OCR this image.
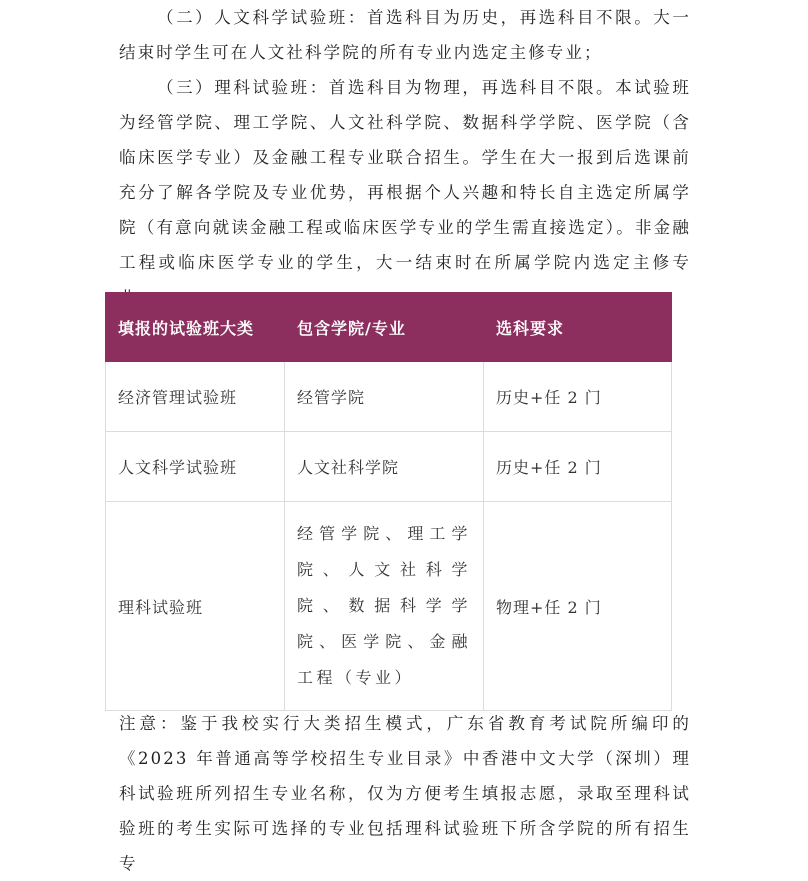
（二）人文科学试验班：首选科目为历史，再选科目不限。大一结束时学生可在人文社科学院的所有专业内选定主修专业；

（三）理科试验班：首选科目为物理，再选科目不限。本试验班为经管学院、理工学院、人文社科学院、数据科学学院、医学院（含临床医学专业）及金融工程专业联合招生。学生在大一报到后选课前充分了解各学院及专业优势，再根据个人兴趣和特长自主选定所属学院（有意向就读金融工程或临床医学专业的学生需直接选定）。非金融工程或临床医学专业的学生，大一结束时在所属学院内选定主修专

填报的试验班大类	包含学院/专业	选科要求
经济管理试验班	经管学院	历史+任 2 门
人文科学试验班	人文社科学院	历史+任 2 门
理科试验班	经管学院、理工学院、人文社科学院、数据科学学院、医学院、金融工程（专业）	物理+任 2 门

注意：鉴于我校实行大类招生模式，广东省教育考试院所编印的《2023 年普通高等学校招生专业目录》中香港中文大学（深圳）理科试验班所列招生专业名称，仅为方便考生填报志愿，录取至理科试验班的考生实际可选择的专业包括理科试验班下所含学院的所有招生专
